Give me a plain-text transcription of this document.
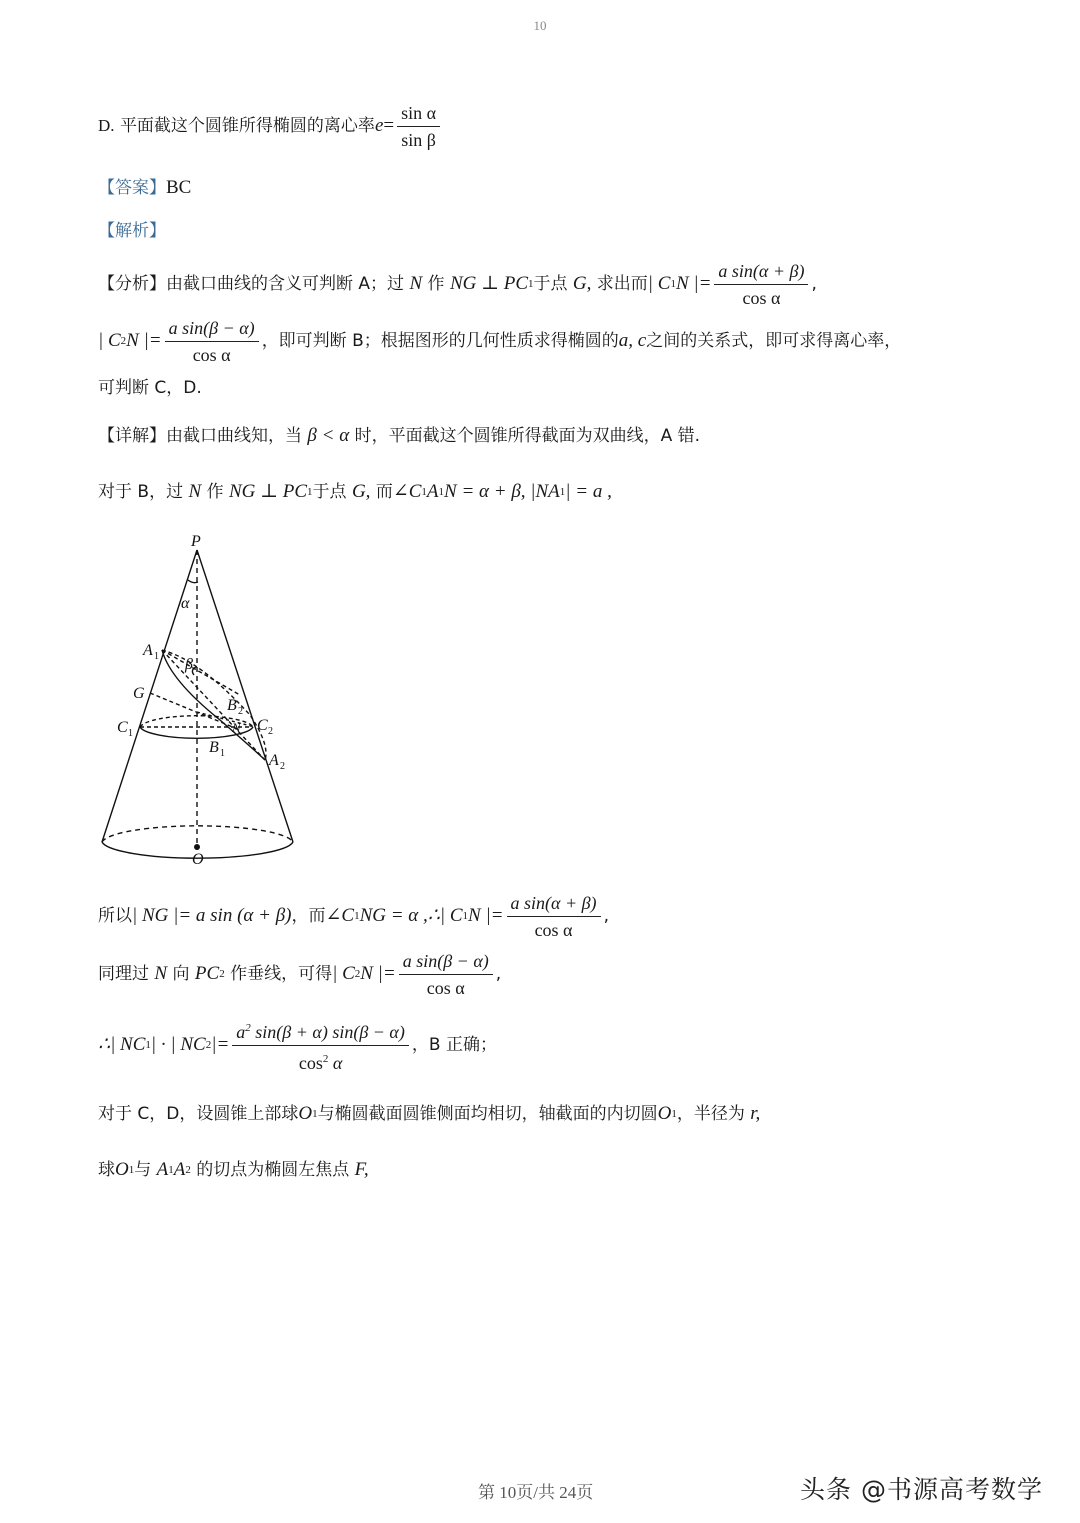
10
D.
平面截这个圆锥所得椭圆的离心率 $e = \frac{\text{sin α}}{\text{sin β}}$
【答案】 BC
【解析】
【分析】 由截口曲线的含义可判断 A；过
N
作
NG ⊥ PC 1 于点
G,
求出而 | C 1 N |= $\frac{\text{a sin(α + β)}}{\text{cos α}}$ ,
| C 2 N |= $\frac{\text{a sin(β − α)}}{\text{cos α}}$ ，即可判断 B；根据图形的几何性质求得椭圆的 a, c 之间的关系式，即可求得离心率，
可判断 C，D.
【详解】 由截口曲线知，当
β < α
时，平面截这个圆锥所得截面为双曲线，A 错.
对于 B，过
N
作
NG ⊥ PC 1 于点
G,
而 ∠C 1 A 1 N = α + β, |NA 1 | = a ,
P
α
A 1 β
G
B 2
C 1	N C 2
B 1	A 2
O
所以 | NG |= a sin (α + β) ，而 ∠C 1 NG = α ,∴| C 1 N |= $\frac{\text{a sin(α + β)}}{\text{cos α}}$ ,
同理过
N
向
PC 2
作垂线，可得 | C 2 N |= $\frac{\text{a sin(β − α)}}{\text{cos α}}$ ,
∴| NC 1 | · | NC 2 |= $\frac{a^2 \sin(\beta + \alpha) \sin(\beta - \alpha)}{\cos^2 \alpha}$ ，B 正确；
对于 C，D，设圆锥上部球 O 1 与椭圆截面圆锥侧面均相切，轴截面的内切圆 O 1 ，半径为
r,
球 O 1 与
A 1 A 2
的切点为椭圆左焦点
F,
第 10页/共 24页	头条 @书源高考数学
